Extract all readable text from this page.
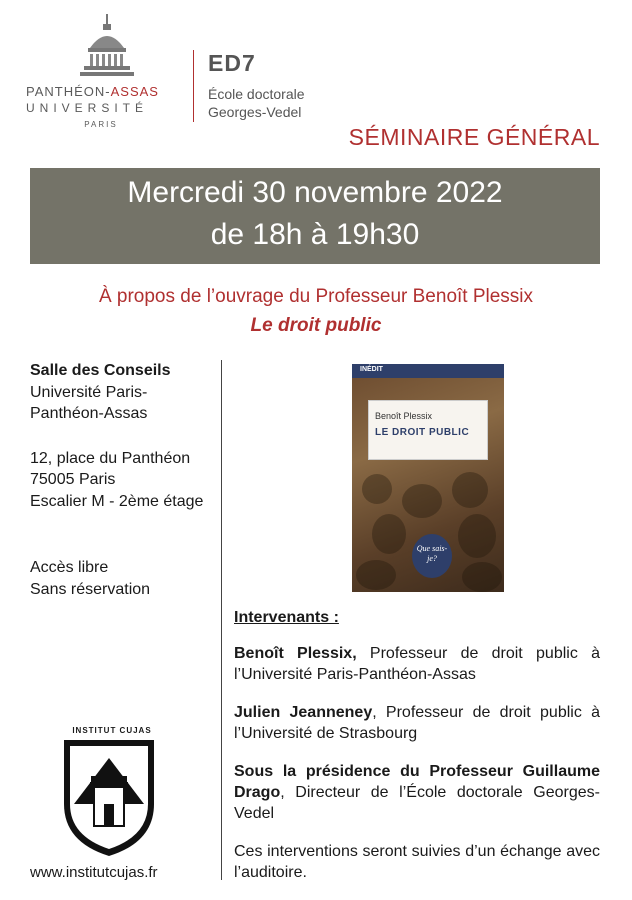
PANTHÉON-ASSAS
UNIVERSITÉ
PARIS
ED7
École doctorale
Georges-Vedel
SÉMINAIRE GÉNÉRAL
Mercredi 30 novembre 2022
de 18h à 19h30
À propos de l’ouvrage du Professeur Benoît Plessix
Le droit public
Salle des Conseils
Université Paris-
Panthéon-Assas
12, place du Panthéon
75005 Paris
Escalier M - 2ème étage
Accès libre
Sans réservation
INSTITUT CUJAS
www.institutcujas.fr
INÉDIT
Benoît Plessix
LE DROIT PUBLIC
Que sais-je?
Intervenants :
Benoît Plessix, Professeur de droit public à l’Université Paris-Panthéon-Assas
Julien Jeanneney, Professeur de droit public à l’Université de Strasbourg
Sous la présidence du Professeur Guillaume Drago, Directeur de l’École doctorale Georges-Vedel
Ces interventions seront suivies d’un échange avec l’auditoire.
